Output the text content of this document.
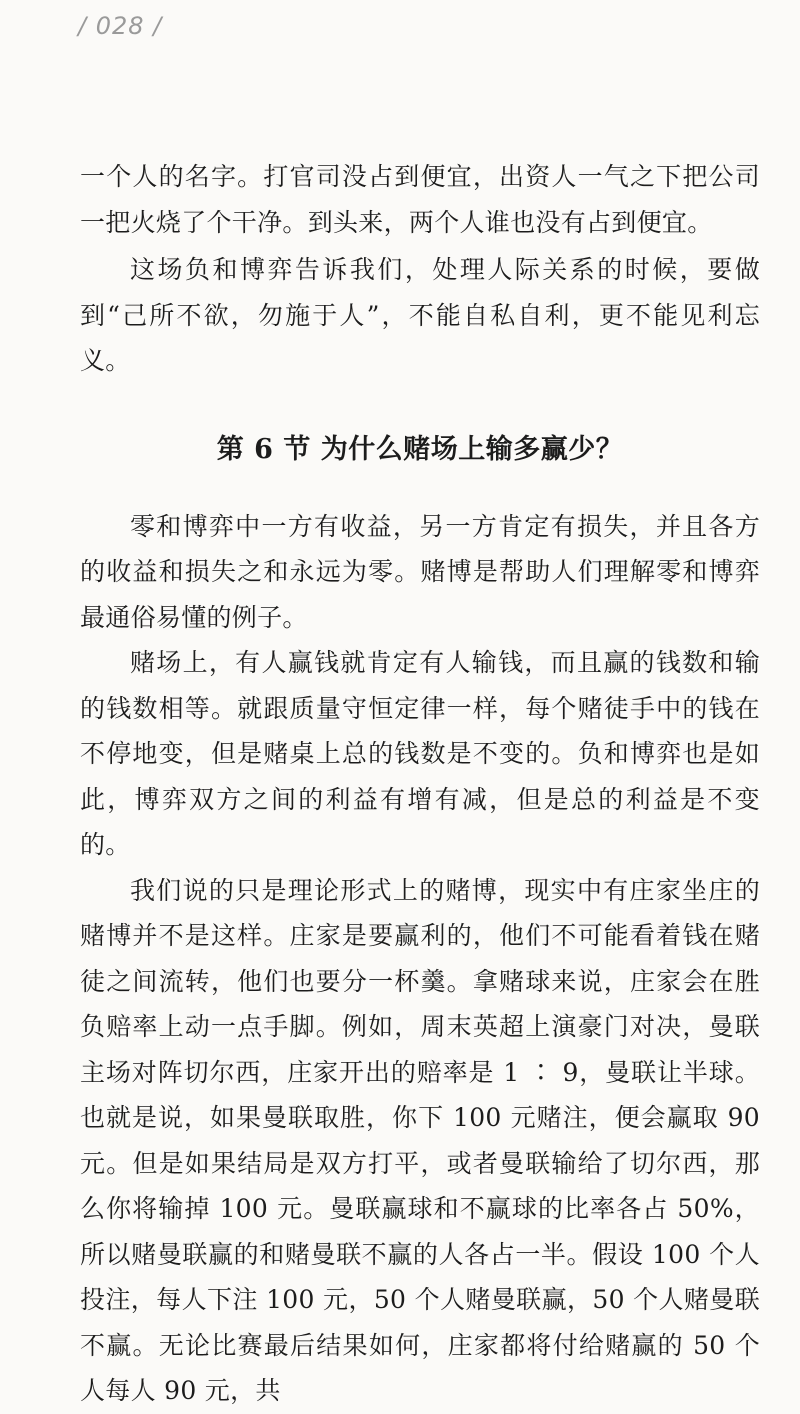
/ 028 /

一个人的名字。打官司没占到便宜，出资人一气之下把公司一把火烧了个干净。到头来，两个人谁也没有占到便宜。

这场负和博弈告诉我们，处理人际关系的时候，要做到“己所不欲，勿施于人”，不能自私自利，更不能见利忘义。

第 6 节 为什么赌场上输多赢少？

零和博弈中一方有收益，另一方肯定有损失，并且各方的收益和损失之和永远为零。赌博是帮助人们理解零和博弈最通俗易懂的例子。

赌场上，有人赢钱就肯定有人输钱，而且赢的钱数和输的钱数相等。就跟质量守恒定律一样，每个赌徒手中的钱在不停地变，但是赌桌上总的钱数是不变的。负和博弈也是如此，博弈双方之间的利益有增有减，但是总的利益是不变的。

我们说的只是理论形式上的赌博，现实中有庄家坐庄的赌博并不是这样。庄家是要赢利的，他们不可能看着钱在赌徒之间流转，他们也要分一杯羹。拿赌球来说，庄家会在胜负赔率上动一点手脚。例如，周末英超上演豪门对决，曼联主场对阵切尔西，庄家开出的赔率是 1 ∶ 9，曼联让半球。也就是说，如果曼联取胜，你下 100 元赌注，便会赢取 90 元。但是如果结局是双方打平，或者曼联输给了切尔西，那么你将输掉 100 元。曼联赢球和不赢球的比率各占 50%，所以赌曼联赢的和赌曼联不赢的人各占一半。假设 100 个人投注，每人下注 100 元，50 个人赌曼联赢，50 个人赌曼联不赢。无论比赛最后结果如何，庄家都将付给赌赢的 50 个人每人 90 元，共
